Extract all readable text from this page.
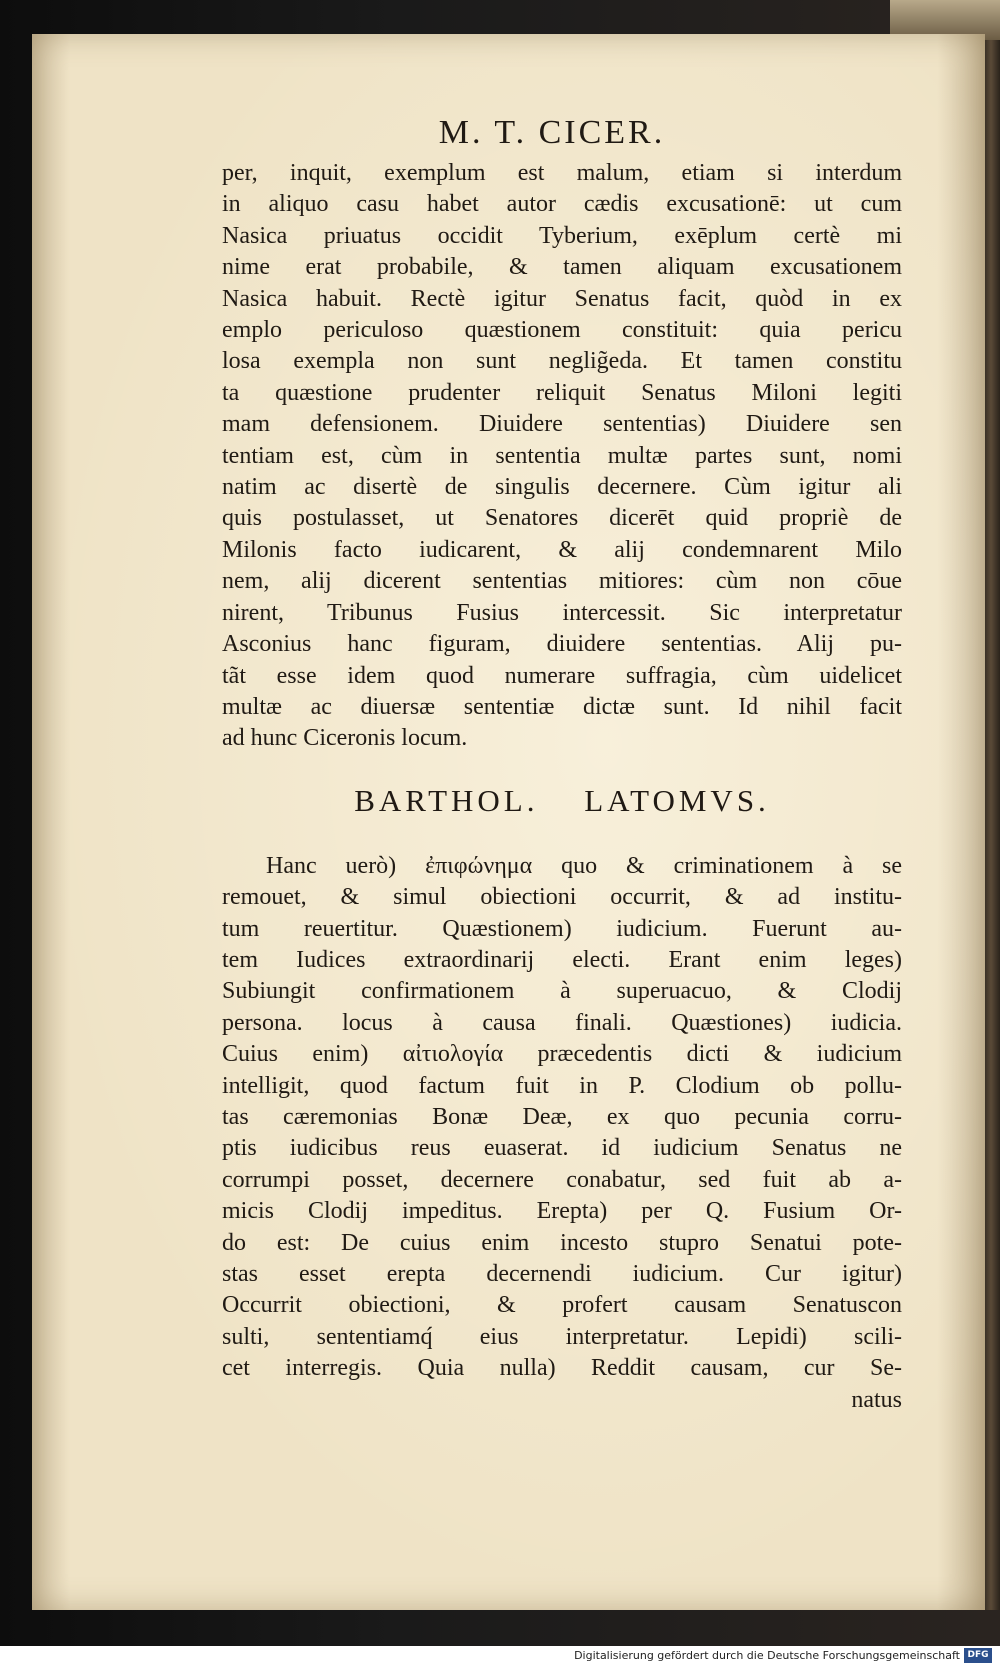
M. T. CICER.
per, inquit, exemplum est malum, etiam si interdum
in aliquo casu habet autor cædis excusationē: ut cum
Nasica priuatus occidit Tyberium, exēplum certè mi
nime erat probabile, & tamen aliquam excusationem
Nasica habuit. Rectè igitur Senatus facit, quòd in ex
emplo periculoso quæstionem constituit: quia pericu
losa exempla non sunt neglig̃eda. Et tamen constitu
ta quæstione prudenter reliquit Senatus Miloni legiti
mam defensionem. Diuidere sententias) Diuidere sen
tentiam est, cùm in sententia multæ partes sunt, nomi
natim ac disertè de singulis decernere. Cùm igitur ali
quis postulasset, ut Senatores dicerēt quid propriè de
Milonis facto iudicarent, & alij condemnarent Milo
nem, alij dicerent sententias mitiores: cùm non cōue
nirent, Tribunus Fusius intercessit. Sic interpretatur
Asconius hanc figuram, diuidere sententias. Alij pu-
tãt esse idem quod numerare suffragia, cùm uidelicet
multæ ac diuersæ sententiæ dictæ sunt. Id nihil facit
ad hunc Ciceronis locum.
BARTHOL. LATOMVS.
Hanc uerò) ἐπιφώνημα quo & criminationem à se
remouet, & simul obiectioni occurrit, & ad institu-
tum reuertitur. Quæstionem) iudicium. Fuerunt au-
tem Iudices extraordinarij electi. Erant enim leges)
Subiungit confirmationem à superuacuo, & Clodij
persona. locus à causa finali. Quæstiones) iudicia.
Cuius enim) αἰτιολογία præcedentis dicti & iudicium
intelligit, quod factum fuit in P. Clodium ob pollu-
tas cæremonias Bonæ Deæ, ex quo pecunia corru-
ptis iudicibus reus euaserat. id iudicium Senatus ne
corrumpi posset, decernere conabatur, sed fuit ab a-
micis Clodij impeditus. Erepta) per Q. Fusium Or-
do est: De cuius enim incesto stupro Senatui pote-
stas esset erepta decernendi iudicium. Cur igitur)
Occurrit obiectioni, & profert causam Senatuscon
sulti, sententiamq́ eius interpretatur. Lepidi) scili-
cet interregis. Quia nulla) Reddit causam, cur Se-
natus
Digitalisierung gefördert durch die Deutsche Forschungsgemeinschaft DFG
